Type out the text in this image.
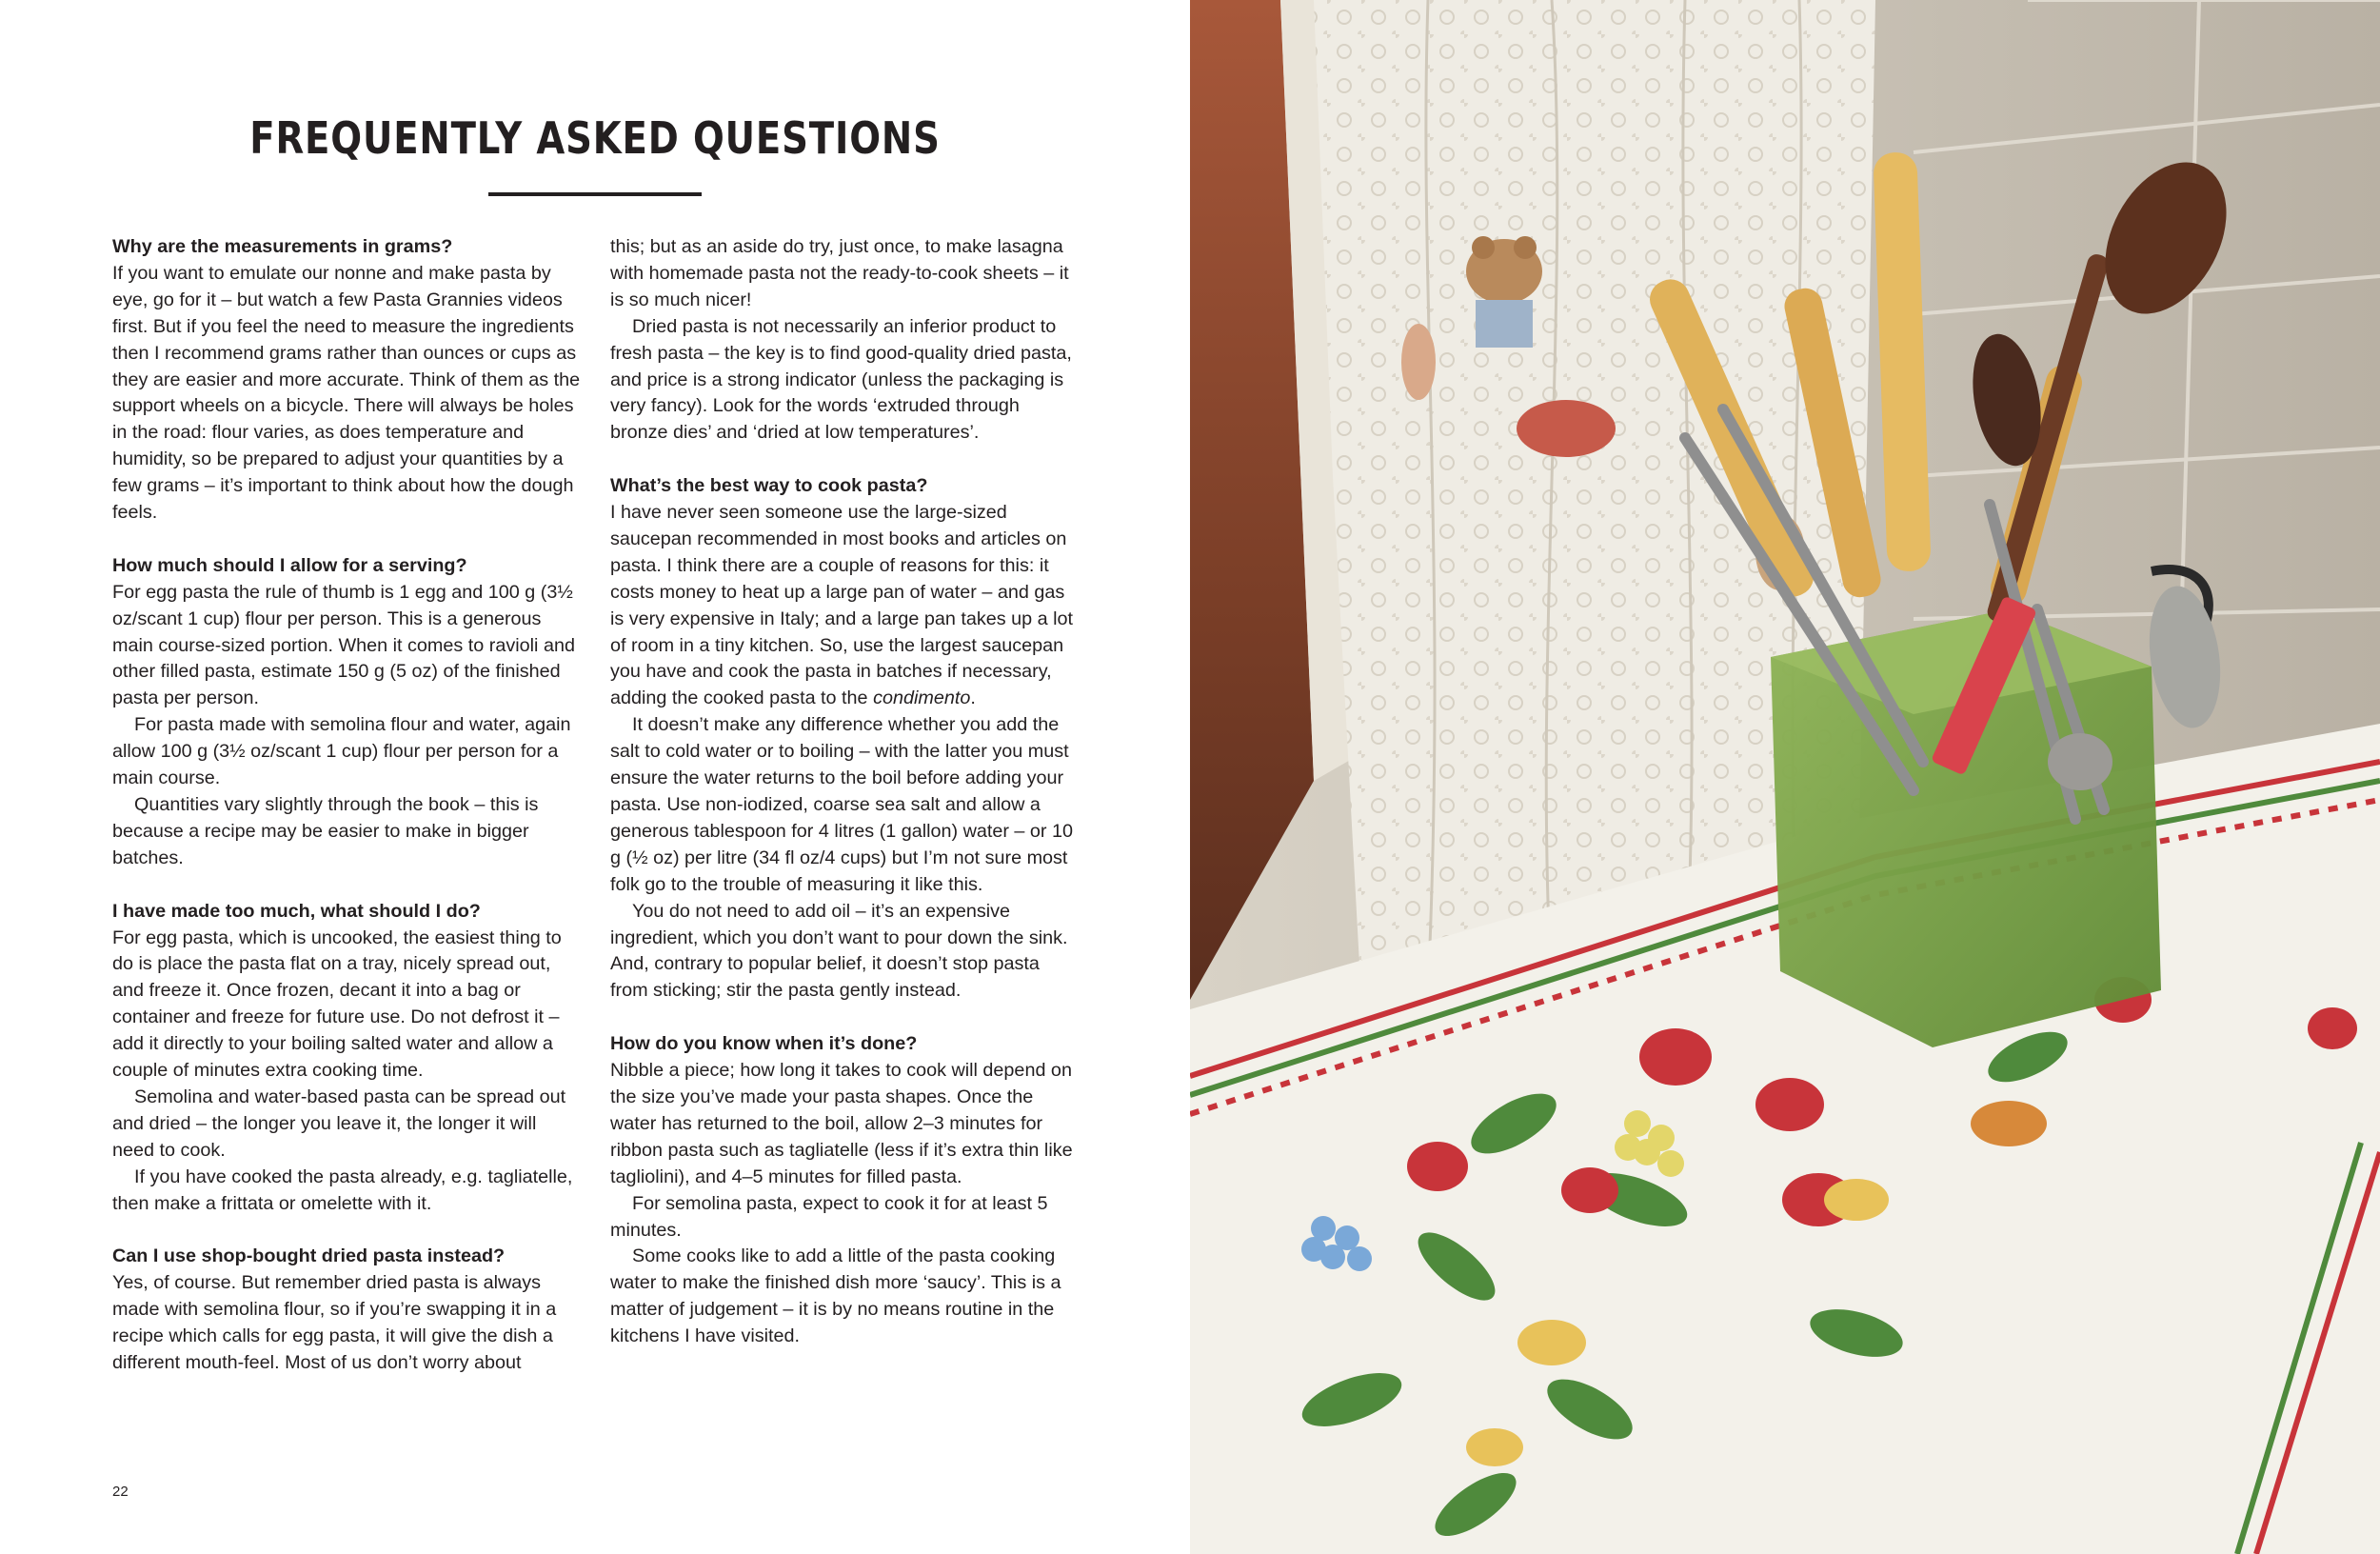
FREQUENTLY ASKED QUESTIONS
Why are the measurements in grams?

If you want to emulate our nonne and make pasta by eye, go for it – but watch a few Pasta Grannies videos first. But if you feel the need to measure the ingredients then I recommend grams rather than ounces or cups as they are easier and more accurate. Think of them as the support wheels on a bicycle. There will always be holes in the road: flour varies, as does temperature and humidity, so be prepared to adjust your quantities by a few grams – it’s important to think about how the dough feels.

How much should I allow for a serving?

For egg pasta the rule of thumb is 1 egg and 100 g (3½ oz/scant 1 cup) flour per person. This is a generous main course-sized portion. When it comes to ravioli and other filled pasta, estimate 150 g (5 oz) of the finished pasta per person.

For pasta made with semolina flour and water, again allow 100 g (3½ oz/scant 1 cup) flour per person for a main course.

Quantities vary slightly through the book – this is because a recipe may be easier to make in bigger batches.

I have made too much, what should I do?

For egg pasta, which is uncooked, the easiest thing to do is place the pasta flat on a tray, nicely spread out, and freeze it. Once frozen, decant it into a bag or container and freeze for future use. Do not defrost it – add it directly to your boiling salted water and allow a couple of minutes extra cooking time.

Semolina and water-based pasta can be spread out and dried – the longer you leave it, the longer it will need to cook.

If you have cooked the pasta already, e.g. tagliatelle, then make a frittata or omelette with it.

Can I use shop-bought dried pasta instead?

Yes, of course. But remember dried pasta is always made with semolina flour, so if you’re swapping it in a recipe which calls for egg pasta, it will give the dish a different mouth-feel. Most of us don’t worry about

this; but as an aside do try, just once, to make lasagna with homemade pasta not the ready-to-cook sheets – it is so much nicer!

Dried pasta is not necessarily an inferior product to fresh pasta – the key is to find good-quality dried pasta, and price is a strong indicator (unless the packaging is very fancy). Look for the words ‘extruded through bronze dies’ and ‘dried at low temperatures’.

What’s the best way to cook pasta?

I have never seen someone use the large-sized saucepan recommended in most books and articles on pasta. I think there are a couple of reasons for this: it costs money to heat up a large pan of water – and gas is very expensive in Italy; and a large pan takes up a lot of room in a tiny kitchen. So, use the largest saucepan you have and cook the pasta in batches if necessary, adding the cooked pasta to the condimento.

It doesn’t make any difference whether you add the salt to cold water or to boiling – with the latter you must ensure the water returns to the boil before adding your pasta. Use non-iodized, coarse sea salt and allow a generous tablespoon for 4 litres (1 gallon) water – or 10 g (½ oz) per litre (34 fl oz/4 cups) but I’m not sure most folk go to the trouble of measuring it like this.

You do not need to add oil – it’s an expensive ingredient, which you don’t want to pour down the sink. And, contrary to popular belief, it doesn’t stop pasta from sticking; stir the pasta gently instead.

How do you know when it’s done?

Nibble a piece; how long it takes to cook will depend on the size you’ve made your pasta shapes. Once the water has returned to the boil, allow 2–3 minutes for ribbon pasta such as tagliatelle (less if it’s extra thin like tagliolini), and 4–5 minutes for filled pasta.

For semolina pasta, expect to cook it for at least 5 minutes.

Some cooks like to add a little of the pasta cooking water to make the finished dish more ‘saucy’. This is a matter of judgement – it is by no means routine in the kitchens I have visited.

22
